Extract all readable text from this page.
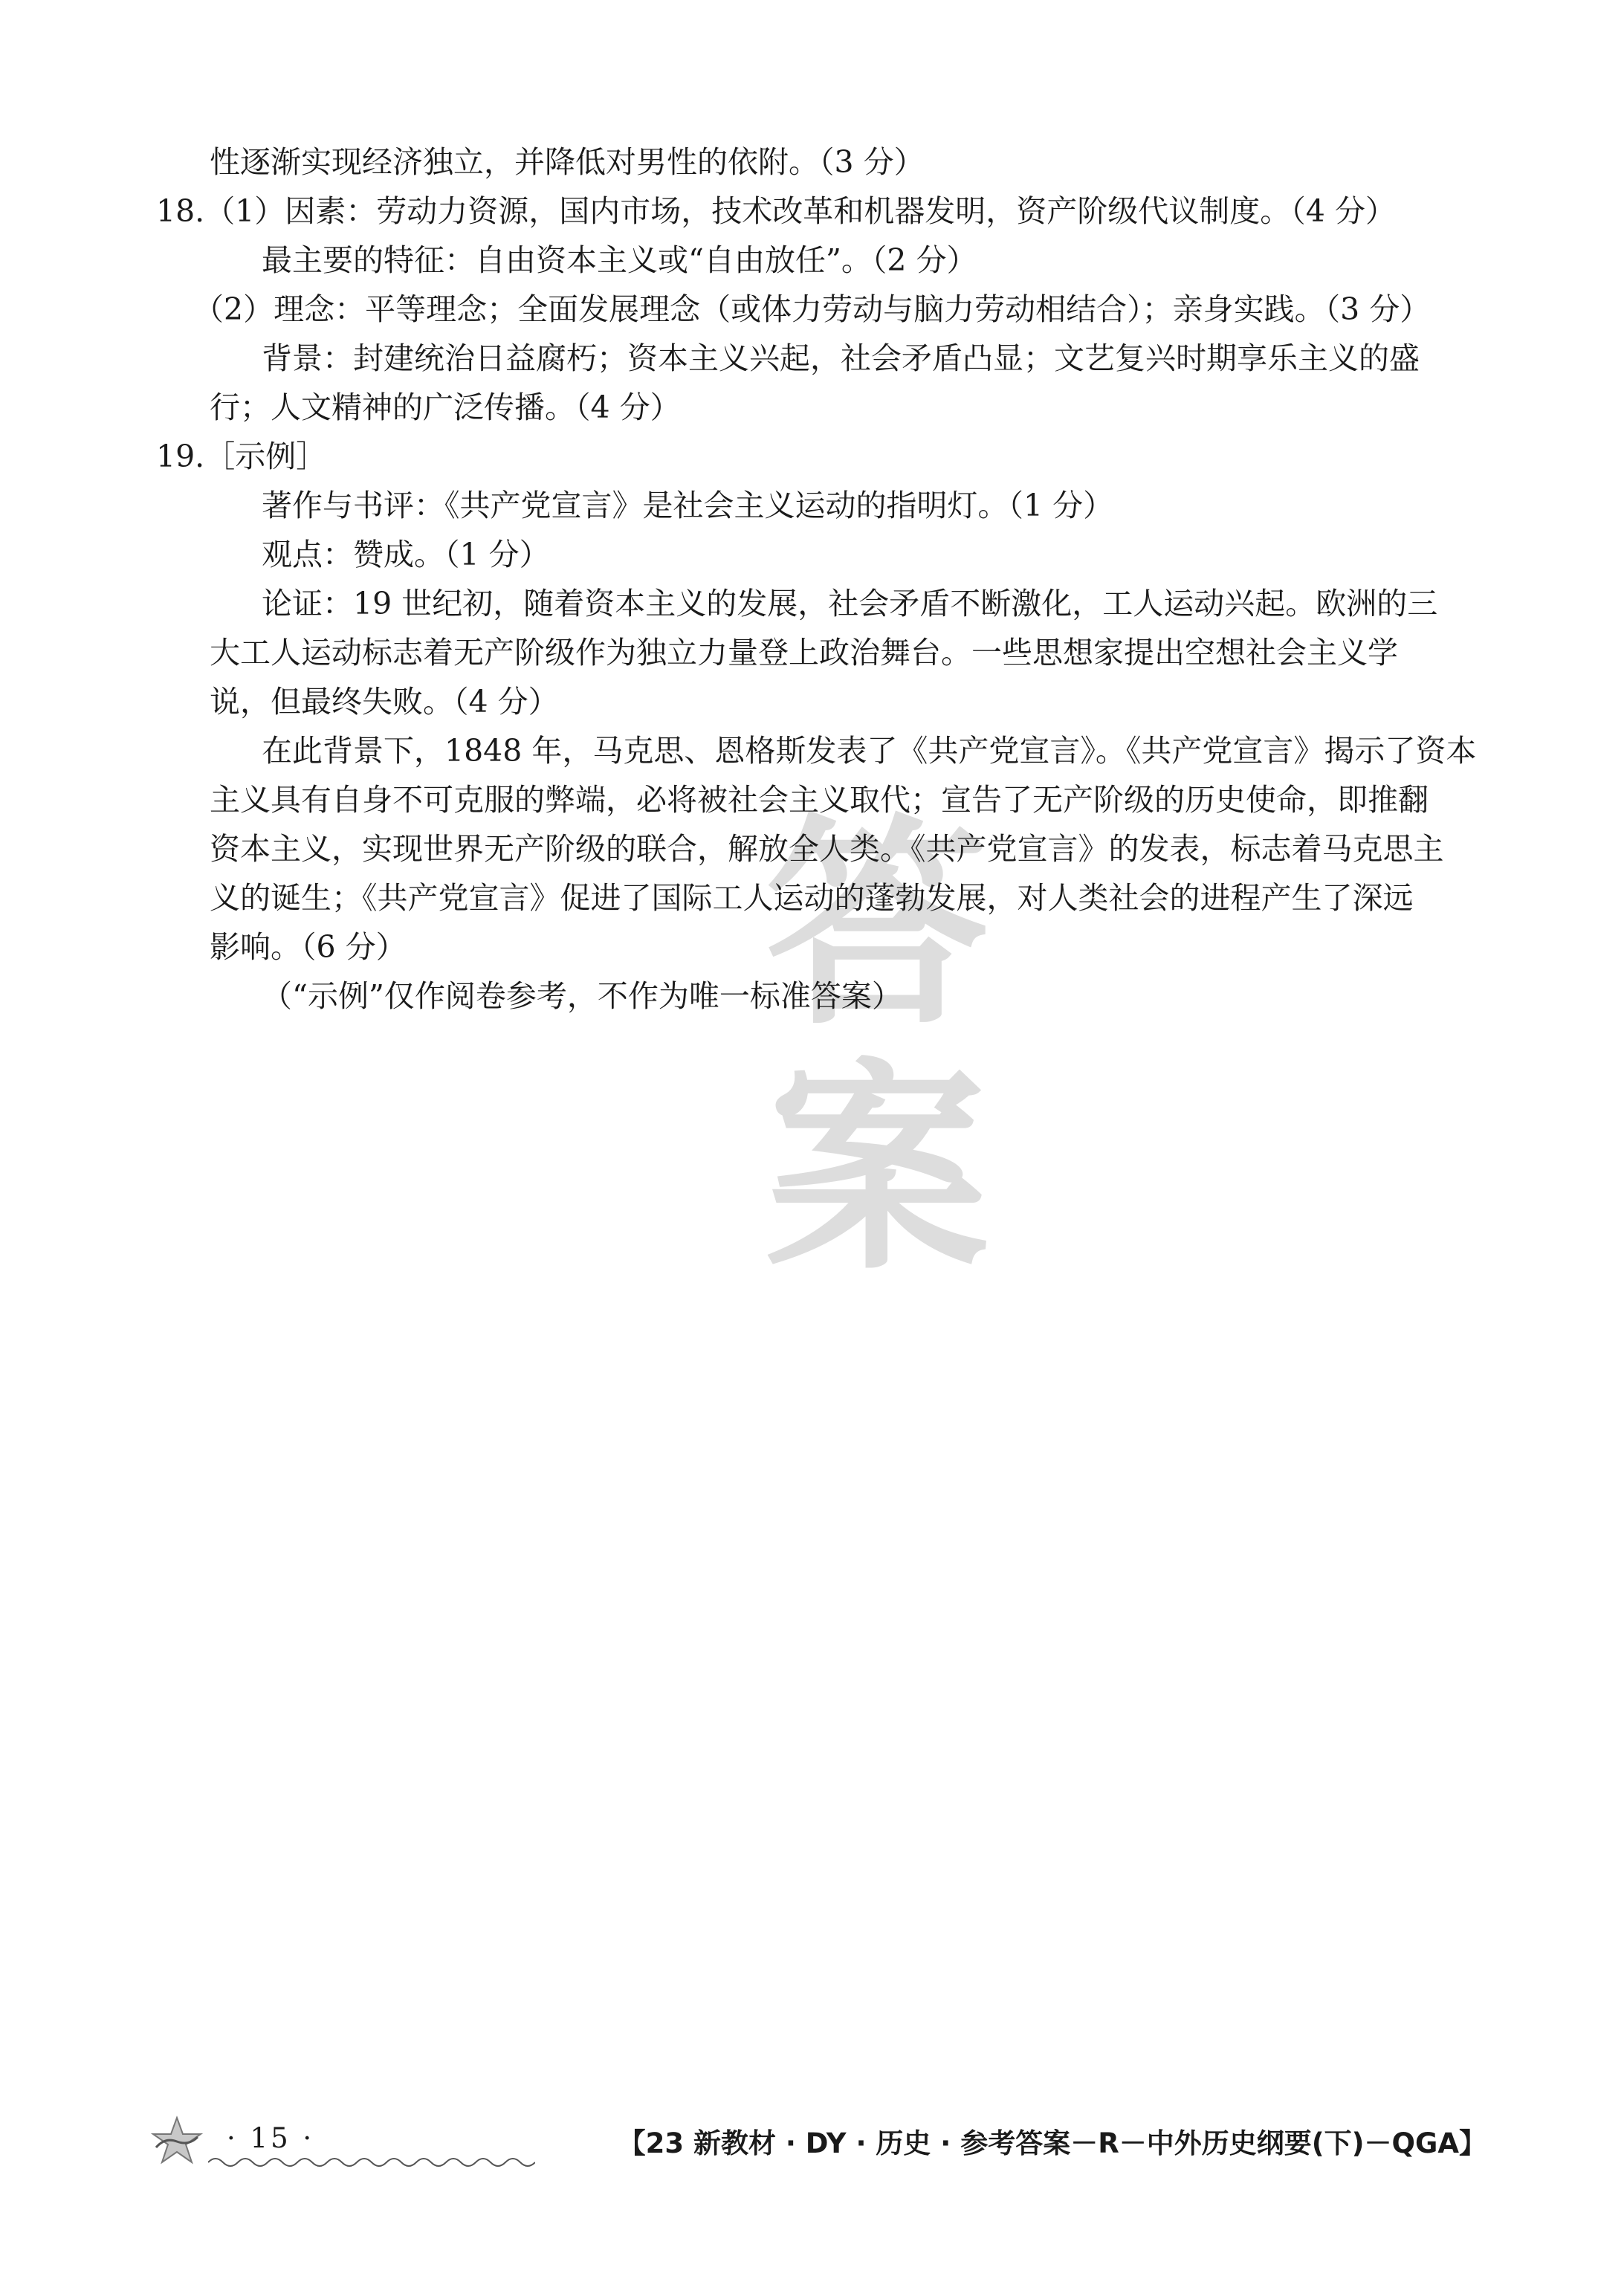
答
案
性逐渐实现经济独立，并降低对男性的依附。（3 分）
18.（1）因素：劳动力资源，国内市场，技术改革和机器发明，资产阶级代议制度。（4 分）
最主要的特征：自由资本主义或“自由放任”。（2 分）
（2）理念：平等理念；全面发展理念（或体力劳动与脑力劳动相结合）；亲身实践。（3 分）
背景：封建统治日益腐朽；资本主义兴起，社会矛盾凸显；文艺复兴时期享乐主义的盛
行；人文精神的广泛传播。（4 分）
19.［示例］
著作与书评：《共产党宣言》是社会主义运动的指明灯。（1 分）
观点：赞成。（1 分）
论证：19 世纪初，随着资本主义的发展，社会矛盾不断激化，工人运动兴起。欧洲的三
大工人运动标志着无产阶级作为独立力量登上政治舞台。一些思想家提出空想社会主义学
说，但最终失败。（4 分）
在此背景下，1848 年，马克思、恩格斯发表了《共产党宣言》。《共产党宣言》揭示了资本
主义具有自身不可克服的弊端，必将被社会主义取代；宣告了无产阶级的历史使命，即推翻
资本主义，实现世界无产阶级的联合，解放全人类。《共产党宣言》的发表，标志着马克思主
义的诞生；《共产党宣言》促进了国际工人运动的蓬勃发展，对人类社会的进程产生了深远
影响。（6 分）
（“示例”仅作阅卷参考，不作为唯一标准答案）
· 15 ·	【23 新教材 · DY · 历史 · 参考答案－R－中外历史纲要(下)－QGA】
